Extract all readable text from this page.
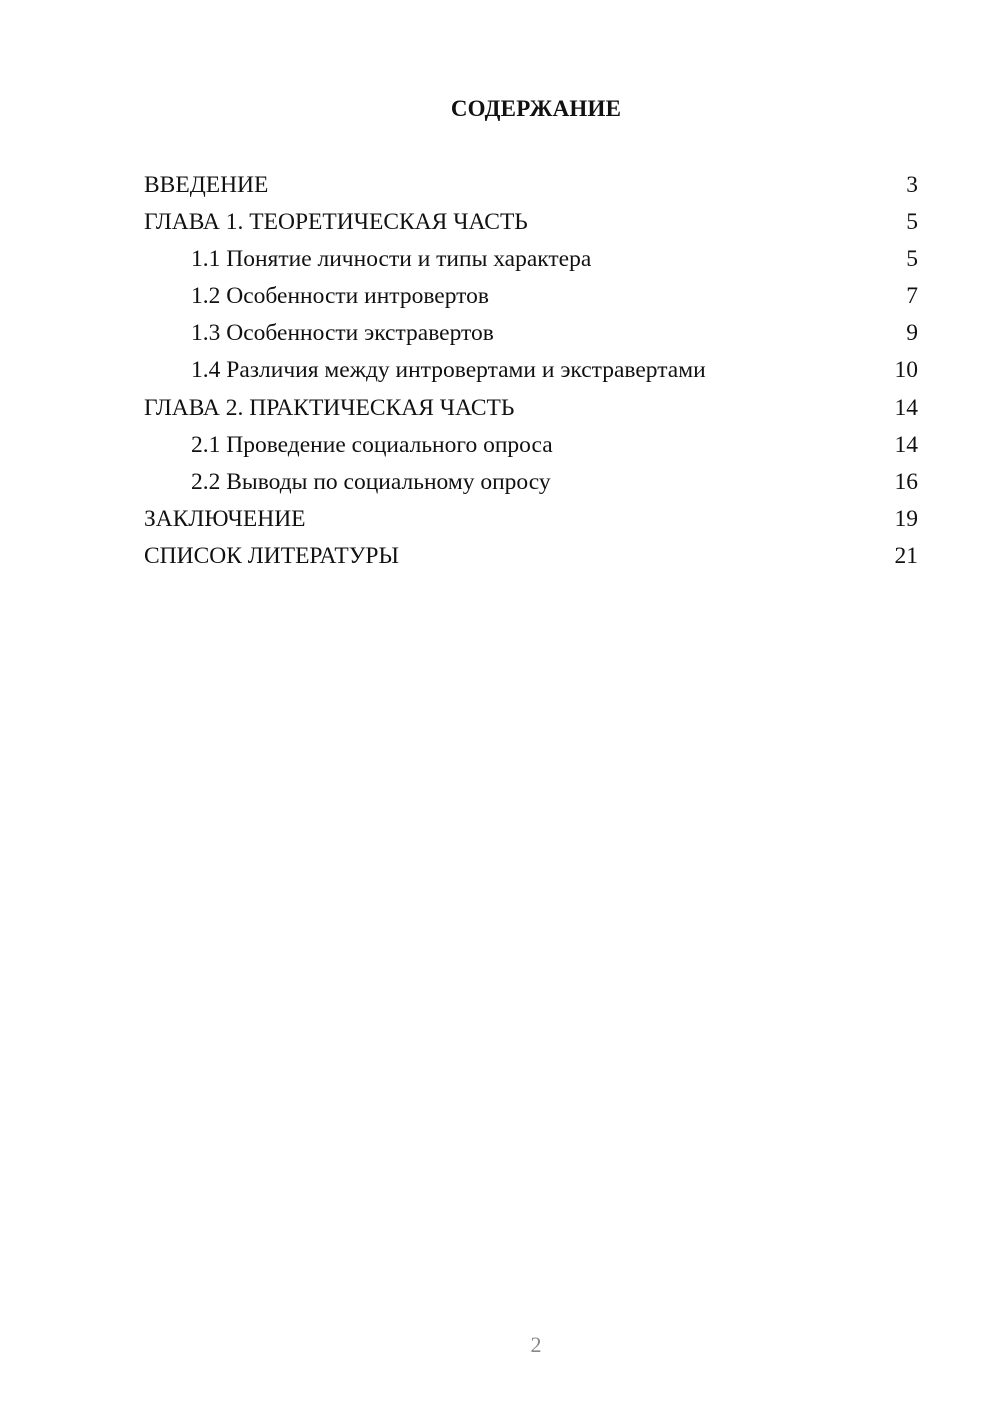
СОДЕРЖАНИЕ
ВВЕДЕНИЕ	3
ГЛАВА 1. ТЕОРЕТИЧЕСКАЯ ЧАСТЬ	5
1.1 Понятие личности и типы характера	5
1.2 Особенности интровертов	7
1.3 Особенности экстравертов	9
1.4 Различия между интровертами и экстравертами	10
ГЛАВА 2. ПРАКТИЧЕСКАЯ ЧАСТЬ	14
2.1 Проведение социального опроса	14
2.2 Выводы по социальному опросу	16
ЗАКЛЮЧЕНИЕ	19
СПИСОК ЛИТЕРАТУРЫ	21
2
